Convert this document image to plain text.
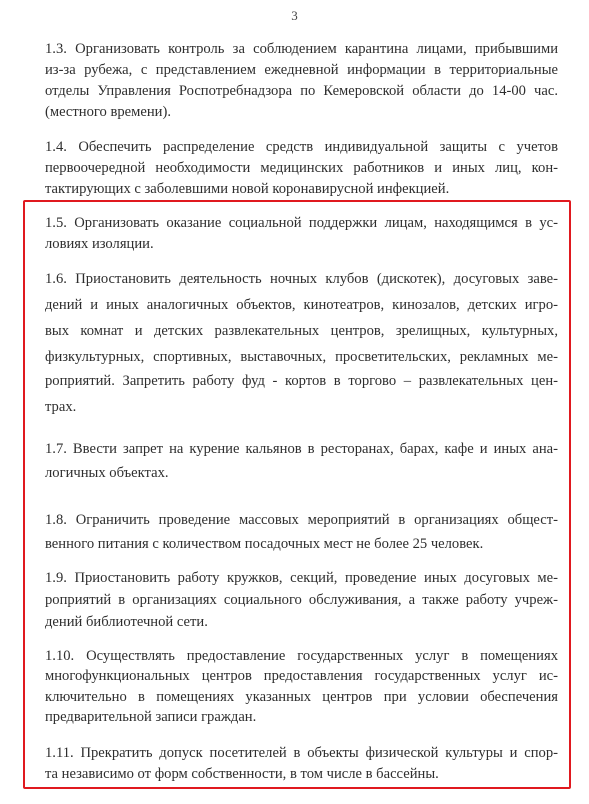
3
1.3. Организовать контроль за соблюдением карантина лицами, прибывшими
из-за рубежа, с представлением ежедневной информации в территориальные
отделы Управления Роспотребнадзора по Кемеровской области до 14-00 час.
(местного времени).
1.4. Обеспечить распределение средств индивидуальной защиты с учетов
первоочередной необходимости медицинских работников и иных лиц, кон-
тактирующих с заболевшими новой коронавирусной инфекцией.
1.5. Организовать оказание социальной поддержки лицам, находящимся в ус-
ловиях изоляции.
1.6. Приостановить деятельность ночных клубов (дискотек), досуговых заве-
дений и иных аналогичных объектов, кинотеатров, кинозалов, детских игро-
вых комнат и детских развлекательных центров, зрелищных, культурных,
физкультурных, спортивных, выставочных, просветительских, рекламных ме-
роприятий. Запретить работу фуд - кортов в торгово – развлекательных цен-
трах.
1.7. Ввести запрет на курение кальянов в ресторанах, барах, кафе и иных ана-
логичных объектах.
1.8. Ограничить проведение массовых мероприятий в организациях общест-
венного питания с количеством посадочных мест не более 25 человек.
1.9. Приостановить работу кружков, секций, проведение иных досуговых ме-
роприятий в организациях социального обслуживания, а также работу учреж-
дений библиотечной сети.
1.10. Осуществлять предоставление государственных услуг в помещениях
многофункциональных центров предоставления государственных услуг ис-
ключительно в помещениях указанных центров при условии обеспечения
предварительной записи граждан.
1.11. Прекратить допуск посетителей в объекты физической культуры и спор-
та независимо от форм собственности, в том числе в бассейны.
